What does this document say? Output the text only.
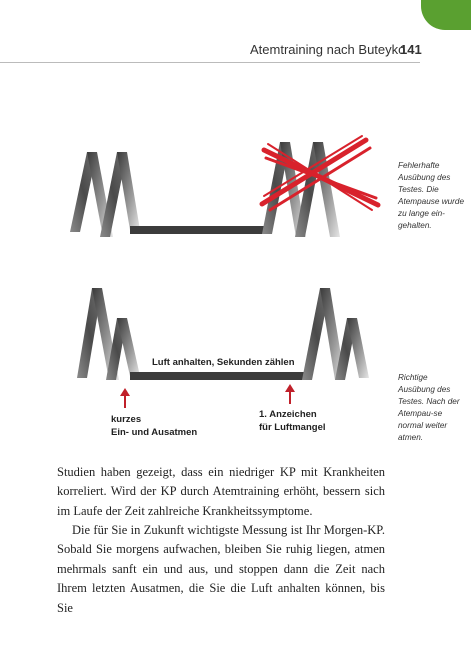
Atemtraining nach Buteyko
141
Fehlerhafte Ausübung des Testes. Die Atempause wurde zu lange ein-gehalten.
Richtige Ausübung des Testes. Nach der Atempau-se normal weiter atmen.
Luft anhalten, Sekunden zählen
kurzes
Ein- und Ausatmen
1. Anzeichen
für Luftmangel

Studien haben gezeigt, dass ein niedriger KP mit Krankheiten korreliert. Wird der KP durch Atemtraining erhöht, bessern sich im Laufe der Zeit zahlreiche Krankheitssymptome.

Die für Sie in Zukunft wichtigste Messung ist Ihr Morgen-KP. Sobald Sie morgens aufwachen, bleiben Sie ruhig liegen, atmen mehrmals sanft ein und aus, und stoppen dann die Zeit nach Ihrem letzten Ausatmen, die Sie die Luft anhalten können, bis Sie
